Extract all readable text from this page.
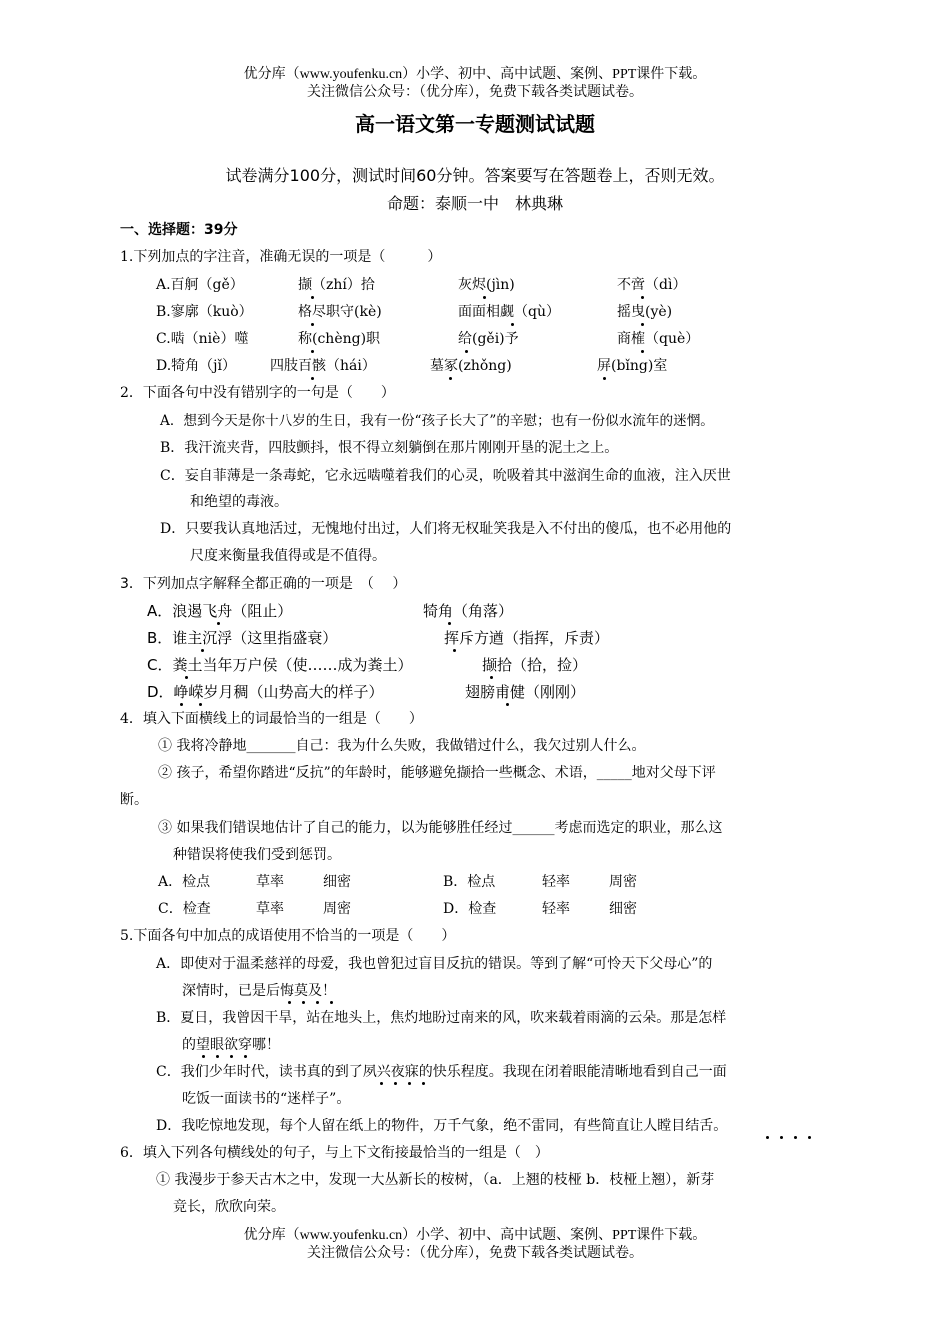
优分库（www.youfenku.cn）小学、初中、高中试题、案例、PPT课件下载。
关注微信公众号：（优分库），免费下载各类试题试卷。
高一语文第一专题测试试题
试卷满分100分，测试时间60分钟。答案要写在答题卷上，否则无效。
命题：泰顺一中　林典琳
一、选择题：39分
1.下列加点的字注音，准确无误的一项是（　　　）
A.百舸（gě）	撷（zhí）拾	灰烬(jìn)	不啻（dì）
B.寥廓（kuò）	格尽职守(kè)	面面相觑（qù）	摇曳(yè)
C.啮（niè）噬	称(chèng)职	给(gěi)予	商榷（què）
D.犄角（jǐ） 四肢百骸（hái）	墓冢(zhǒng)	屏(bǐng)室
2．下面各句中没有错别字的一句是（　　）
A．想到今天是你十八岁的生日，我有一份“孩子长大了”的辛慰；也有一份似水流年的迷惘。
B．我汗流夹背，四肢颤抖，恨不得立刻躺倒在那片刚刚开垦的泥土之上。
C．妄自菲薄是一条毒蛇，它永远啮噬着我们的心灵，吮吸着其中滋润生命的血液，注入厌世
和绝望的毒液。
D．只要我认真地活过，无愧地付出过，人们将无权耻笑我是入不付出的傻瓜，也不必用他的
尺度来衡量我值得或是不值得。
3．下列加点字解释全都正确的一项是　（　 ）
A．浪遏飞舟（阻止）	犄角（角落）
B．谁主沉浮（这里指盛衰）	挥斥方遒（指挥，斥责）
C．粪土当年万户侯（使……成为粪土）	撷拾（拾，捡）
D．峥嵘岁月稠（山势高大的样子）	翅膀甫健（刚刚）
4．填入下面横线上的词最恰当的一组是（　　）
① 我将冷静地_______自己：我为什么失败，我做错过什么，我欠过别人什么。
② 孩子，希望你踏进“反抗”的年龄时，能够避免撷拾一些概念、术语，_____地对父母下评
断。
③ 如果我们错误地估计了自己的能力，以为能够胜任经过______考虑而选定的职业，那么这
种错误将使我们受到惩罚。
A．检点	草率	细密	B．检点	轻率	周密
C．检查	草率	周密	D．检查	轻率	细密
5.下面各句中加点的成语使用不恰当的一项是（　　）
A．即使对于温柔慈祥的母爱，我也曾犯过盲目反抗的错误。等到了解“可怜天下父母心”的
深情时，已是后悔莫及！
B．夏日，我曾因干旱，站在地头上，焦灼地盼过南来的风，吹来载着雨滴的云朵。那是怎样
的望眼欲穿哪！
C．我们少年时代，读书真的到了夙兴夜寐的快乐程度。我现在闭着眼能清晰地看到自己一面
吃饭一面读书的“迷样子”。
D．我吃惊地发现，每个人留在纸上的物件，万千气象，绝不雷同，有些简直让人瞠目结舌。
6．填入下列各句横线处的句子，与上下文衔接最恰当的一组是（　）
① 我漫步于参天古木之中，发现一大丛新长的桉树，（a．上翘的枝桠 b．枝桠上翘），新芽
竞长，欣欣向荣。
优分库（www.youfenku.cn）小学、初中、高中试题、案例、PPT课件下载。
关注微信公众号：（优分库），免费下载各类试题试卷。
